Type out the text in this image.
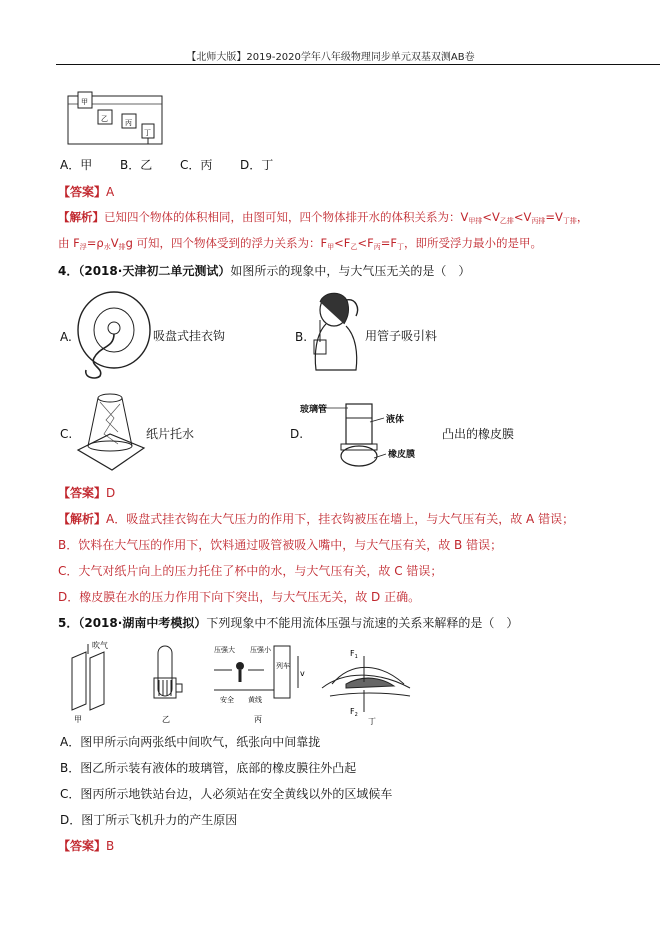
【北师大版】2019-2020学年八年级物理同步单元双基双测AB卷
甲
乙 丙
丁
A．甲 B．乙 C．丙 D．丁
【答案】A
【解析】已知四个物体的体积相同，由图可知，四个物体排开水的体积关系为：$V_{甲排}<V_{乙排}<V_{丙排}=V_{丁排}$，
由 $F_浮=\rho_水V_排g$ 可知，四个物体受到的浮力关系为：$F_甲<F_乙<F_丙=F_丁$，即所受浮力最小的是甲。
4．（2018·天津初二单元测试）如图所示的现象中，与大气压无关的是（　）
A.	吸盘式挂衣钩	B.	用管子吸引料
C.	纸片托水	D.
玻璃管
液体
橡皮膜
凸出的橡皮膜
【答案】D
【解析】A．吸盘式挂衣钩在大气压力的作用下，挂衣钩被压在墙上，与大气压有关，故 A 错误；
B．饮料在大气压的作用下，饮料通过吸管被吸入嘴中，与大气压有关，故 B 错误；
C．大气对纸片向上的压力托住了杯中的水，与大气压有关，故 C 错误；
D．橡皮膜在水的压力作用下向下突出，与大气压无关，故 D 正确。
5．（2018·湖南中考模拟）下列现象中不能用流体压强与流速的关系来解释的是（　）
吹气
甲	乙
压强大 压强小
列车
v
安全 黄线
丙
$F_1$
$F_2$
丁
A．图甲所示向两张纸中间吹气，纸张向中间靠拢
B．图乙所示装有液体的玻璃管，底部的橡皮膜往外凸起
C．图丙所示地铁站台边，人必须站在安全黄线以外的区域候车
D．图丁所示飞机升力的产生原因
【答案】B
